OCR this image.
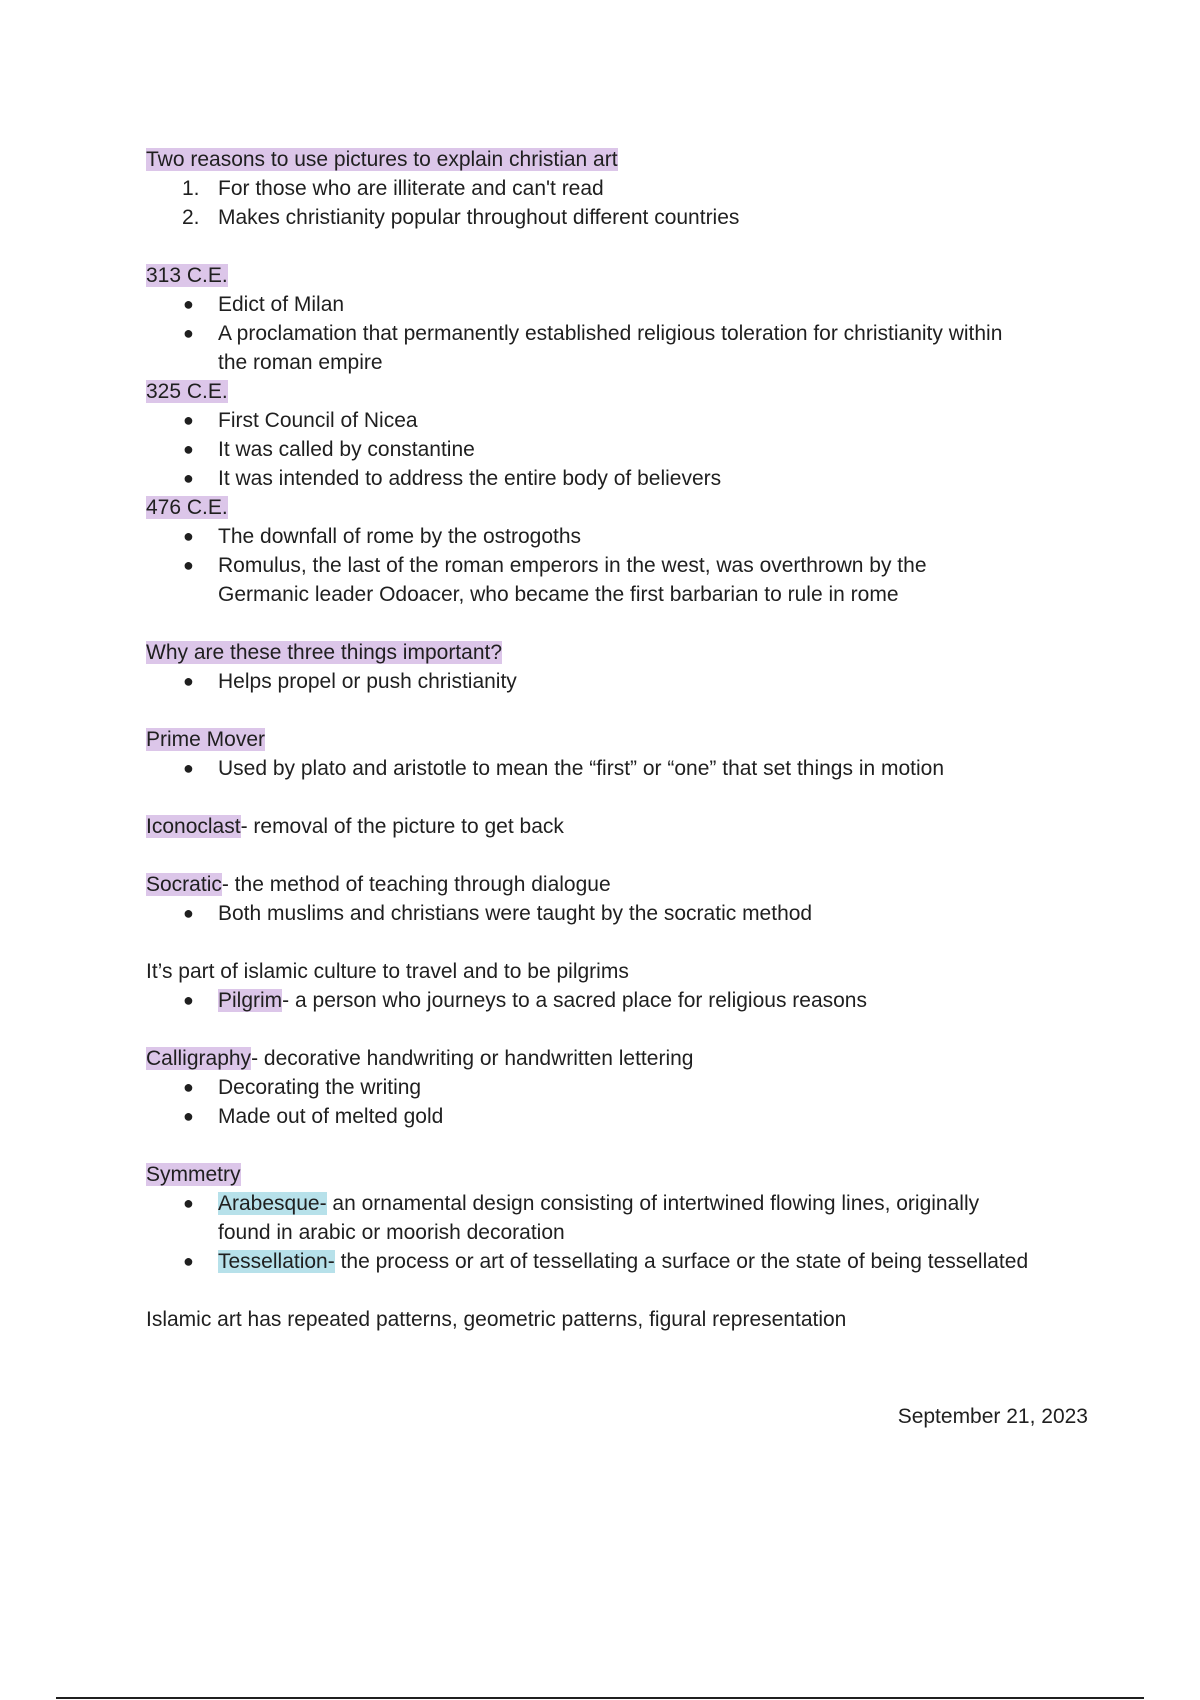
Two reasons to use pictures to explain christian art
1. For those who are illiterate and can't read
2. Makes christianity popular throughout different countries
313 C.E.
●	Edict of Milan
●	A proclamation that permanently established religious toleration for christianity within the roman empire
325 C.E.
●	First Council of Nicea
●	It was called by constantine
●	It was intended to address the entire body of believers
476 C.E.
●	The downfall of rome by the ostrogoths
●	Romulus, the last of the roman emperors in the west, was overthrown by the Germanic leader Odoacer, who became the first barbarian to rule in rome
Why are these three things important?
●	Helps propel or push christianity
Prime Mover
●	Used by plato and aristotle to mean the “first” or “one” that set things in motion
Iconoclast- removal of the picture to get back
Socratic- the method of teaching through dialogue
●	Both muslims and christians were taught by the socratic method
It’s part of islamic culture to travel and to be pilgrims
●	Pilgrim- a person who journeys to a sacred place for religious reasons
Calligraphy- decorative handwriting or handwritten lettering
●	Decorating the writing
●	Made out of melted gold
Symmetry
●	Arabesque- an ornamental design consisting of intertwined flowing lines, originally found in arabic or moorish decoration
●	Tessellation- the process or art of tessellating a surface or the state of being tessellated
Islamic art has repeated patterns, geometric patterns, figural representation
September 21, 2023
